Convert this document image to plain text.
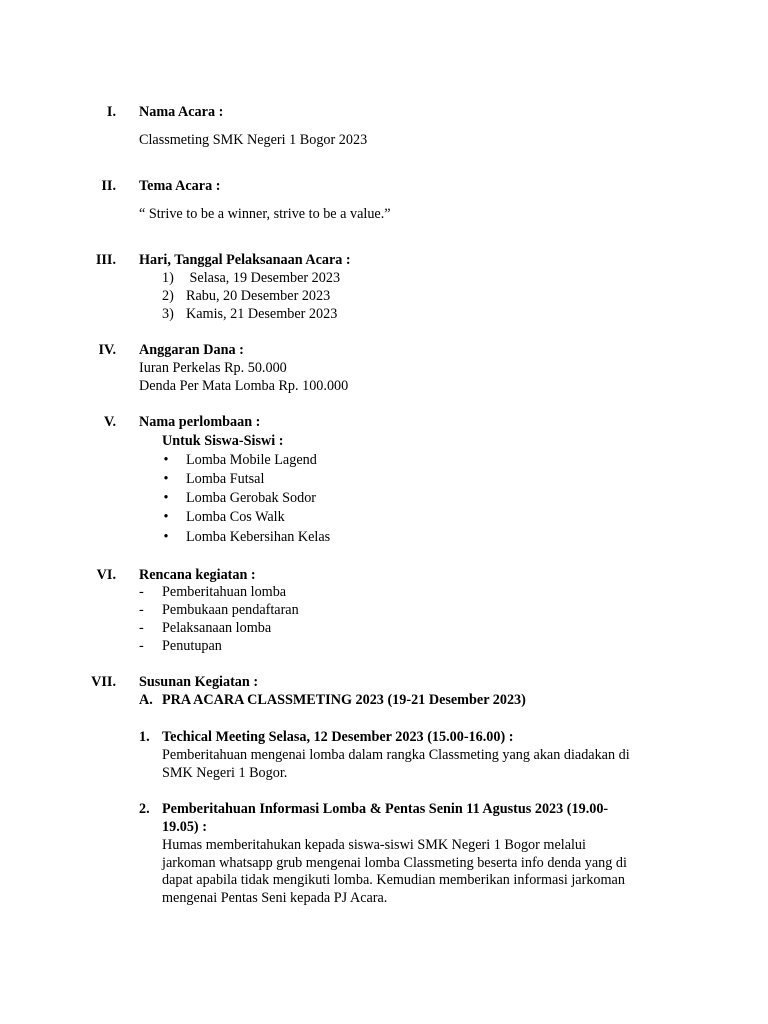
I. Nama Acara :
Classmeting SMK Negeri 1 Bogor 2023
II. Tema Acara :
“ Strive to be a winner, strive to be a value.”
III. Hari, Tanggal Pelaksanaan Acara :
1) Selasa, 19 Desember 2023
2) Rabu, 20 Desember 2023
3) Kamis, 21 Desember 2023
IV. Anggaran Dana :
Iuran Perkelas Rp. 50.000
Denda Per Mata Lomba Rp. 100.000
V. Nama perlombaan :
Untuk Siswa-Siswi :
• Lomba Mobile Lagend
• Lomba Futsal
• Lomba Gerobak Sodor
• Lomba Cos Walk
• Lomba Kebersihan Kelas
VI. Rencana kegiatan :
- Pemberitahuan lomba
- Pembukaan pendaftaran
- Pelaksanaan lomba
- Penutupan
VII. Susunan Kegiatan :
A. PRA ACARA CLASSMETING 2023 (19-21 Desember 2023)
1. Techical Meeting Selasa, 12 Desember 2023 (15.00-16.00) :
Pemberitahuan mengenai lomba dalam rangka Classmeting yang akan diadakan di
SMK Negeri 1 Bogor.
2. Pemberitahuan Informasi Lomba & Pentas Senin 11 Agustus 2023 (19.00-
19.05) :
Humas memberitahukan kepada siswa-siswi SMK Negeri 1 Bogor melalui
jarkoman whatsapp grub mengenai lomba Classmeting beserta info denda yang di
dapat apabila tidak mengikuti lomba. Kemudian memberikan informasi jarkoman
mengenai Pentas Seni kepada PJ Acara.
